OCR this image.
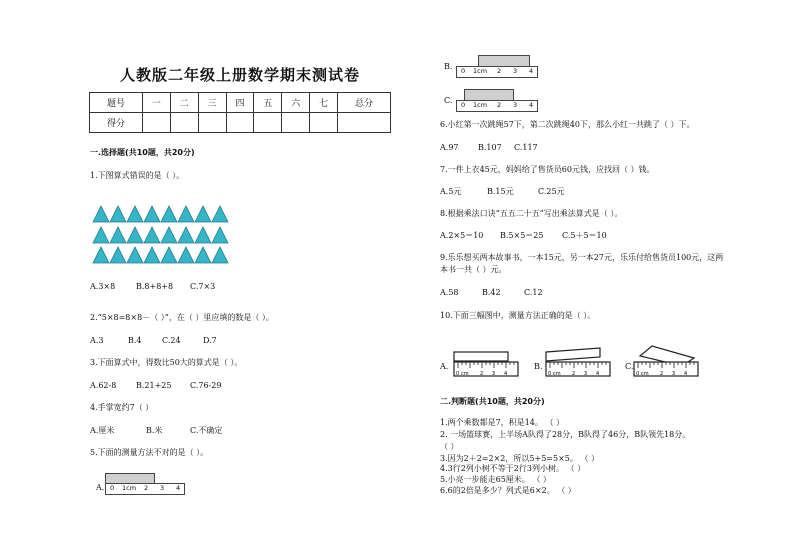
人教版二年级上册数学期末测试卷
题号	一	二	三	四	五	六	七	总分
得分								
一.选择题(共10题，共20分)
1.下图算式错误的是（ ）。
A.3×8	B.8+8+8 C.7×3
2.“5×8=8×8－（ ）”，在（ ）里应填的数是（ ）。
A.3	B.4	C.24	D.7
3.下面算式中，得数比50大的算式是（ ）。
A.62-8 B.21+25 C.76-29
4.手掌宽约7（ ）
A.厘米	B.米	C.不确定
5.下面的测量方法不对的是（ ）。
A. 0 1cm 2 3 4
B. 0 1cm 2 3 4
C. 0 1cm 2 3 4
6.小红第一次跳绳57下，第二次跳绳40下，那么小红一共跳了（ ）下。
A.97 B.107 C.117
7.一件上衣45元，妈妈给了售货员60元钱，应找回（ ）钱。
A.5元	B.15元	C.25元
8.根据乘法口诀“五五二十五”写出乘法算式是（ ）。
A.2×5＝10 B.5×5＝25 C.5＋5＝10
9.乐乐想买两本故事书，一本15元，另一本27元，乐乐付给售货员100元，这两
本书一共（ ）元。
A.58	B.42	C.12
10.下面三幅图中，测量方法正确的是（ ）。
A.
0 cm 2 3 4
B.
0 cm 2 3 4
C.
0 cm 2 3 4
二.判断题(共10题，共20分)
1.两个乘数都是7，积是14。 （ ）
2. 一场篮球赛，上半场A队得了28分，B队得了46分，B队领先18分。
（ ）
3.因为2＋2=2×2，所以5+5=5×5。 （ ）
4.3行2列小树不等于2行3列小树。 （ ）
5.小亮一步能走65厘米。 （ ）
6.6的2倍是多少？列式是6×2。 （ ）
